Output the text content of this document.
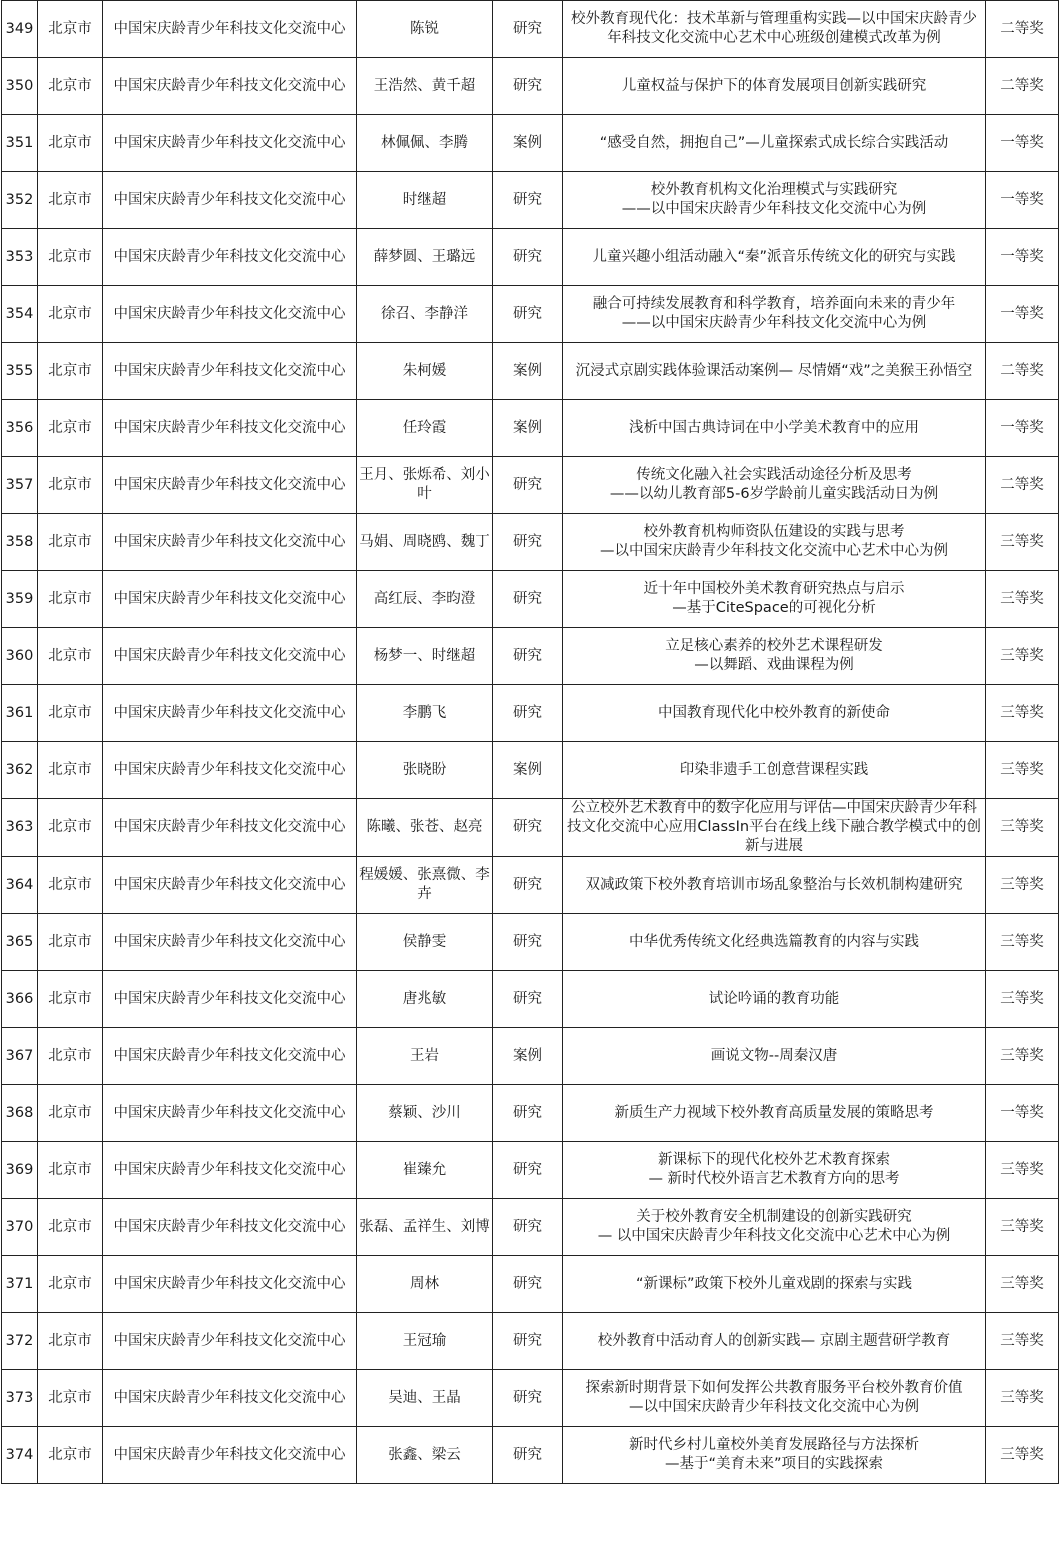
349	北京市	中国宋庆龄青少年科技文化交流中心	陈锐	研究	校外教育现代化：技术革新与管理重构实践—以中国宋庆龄青少年科技文化交流中心艺术中心班级创建模式改革为例	二等奖
350	北京市	中国宋庆龄青少年科技文化交流中心	王浩然、黄千超	研究	儿童权益与保护下的体育发展项目创新实践研究	二等奖
351	北京市	中国宋庆龄青少年科技文化交流中心	林佩佩、李腾	案例	“感受自然，拥抱自己”—儿童探索式成长综合实践活动	一等奖
352	北京市	中国宋庆龄青少年科技文化交流中心	时继超	研究	校外教育机构文化治理模式与实践研究
——以中国宋庆龄青少年科技文化交流中心为例	一等奖
353	北京市	中国宋庆龄青少年科技文化交流中心	薛梦圆、王璐远	研究	儿童兴趣小组活动融入“秦”派音乐传统文化的研究与实践	一等奖
354	北京市	中国宋庆龄青少年科技文化交流中心	徐召、李静洋	研究	融合可持续发展教育和科学教育，培养面向未来的青少年
——以中国宋庆龄青少年科技文化交流中心为例	一等奖
355	北京市	中国宋庆龄青少年科技文化交流中心	朱柯媛	案例	沉浸式京剧实践体验课活动案例— 尽情婿“戏”之美猴王孙悟空	二等奖
356	北京市	中国宋庆龄青少年科技文化交流中心	任玲霞	案例	浅析中国古典诗词在中小学美术教育中的应用	一等奖
357	北京市	中国宋庆龄青少年科技文化交流中心	王月、张烁希、刘小叶	研究	传统文化融入社会实践活动途径分析及思考
——以幼儿教育部5-6岁学龄前儿童实践活动日为例	二等奖
358	北京市	中国宋庆龄青少年科技文化交流中心	马娟、周晓鸥、魏丁	研究	校外教育机构师资队伍建设的实践与思考
—以中国宋庆龄青少年科技文化交流中心艺术中心为例	三等奖
359	北京市	中国宋庆龄青少年科技文化交流中心	高红辰、李昀澄	研究	近十年中国校外美术教育研究热点与启示
—基于CiteSpace的可视化分析	三等奖
360	北京市	中国宋庆龄青少年科技文化交流中心	杨梦一、时继超	研究	立足核心素养的校外艺术课程研发
—以舞蹈、戏曲课程为例	三等奖
361	北京市	中国宋庆龄青少年科技文化交流中心	李鹏飞	研究	中国教育现代化中校外教育的新使命	三等奖
362	北京市	中国宋庆龄青少年科技文化交流中心	张晓盼	案例	印染非遗手工创意营课程实践	三等奖
363	北京市	中国宋庆龄青少年科技文化交流中心	陈曦、张苍、赵亮	研究	公立校外艺术教育中的数字化应用与评估—中国宋庆龄青少年科技文化交流中心应用ClassIn平台在线上线下融合教学模式中的创新与进展	三等奖
364	北京市	中国宋庆龄青少年科技文化交流中心	程媛媛、张熹微、李卉	研究	双减政策下校外教育培训市场乱象整治与长效机制构建研究	三等奖
365	北京市	中国宋庆龄青少年科技文化交流中心	侯静雯	研究	中华优秀传统文化经典选篇教育的内容与实践	三等奖
366	北京市	中国宋庆龄青少年科技文化交流中心	唐兆敏	研究	试论吟诵的教育功能	三等奖
367	北京市	中国宋庆龄青少年科技文化交流中心	王岩	案例	画说文物--周秦汉唐	三等奖
368	北京市	中国宋庆龄青少年科技文化交流中心	蔡颖、沙川	研究	新质生产力视域下校外教育高质量发展的策略思考	一等奖
369	北京市	中国宋庆龄青少年科技文化交流中心	崔臻允	研究	新课标下的现代化校外艺术教育探索
— 新时代校外语言艺术教育方向的思考	三等奖
370	北京市	中国宋庆龄青少年科技文化交流中心	张磊、孟祥生、刘博	研究	关于校外教育安全机制建设的创新实践研究
— 以中国宋庆龄青少年科技文化交流中心艺术中心为例	三等奖
371	北京市	中国宋庆龄青少年科技文化交流中心	周林	研究	“新课标”政策下校外儿童戏剧的探索与实践	三等奖
372	北京市	中国宋庆龄青少年科技文化交流中心	王冠瑜	研究	校外教育中活动育人的创新实践— 京剧主题营研学教育	三等奖
373	北京市	中国宋庆龄青少年科技文化交流中心	吴迪、王晶	研究	探索新时期背景下如何发挥公共教育服务平台校外教育价值
—以中国宋庆龄青少年科技文化交流中心为例	三等奖
374	北京市	中国宋庆龄青少年科技文化交流中心	张鑫、梁云	研究	新时代乡村儿童校外美育发展路径与方法探析
—基于“美育未来”项目的实践探索	三等奖
